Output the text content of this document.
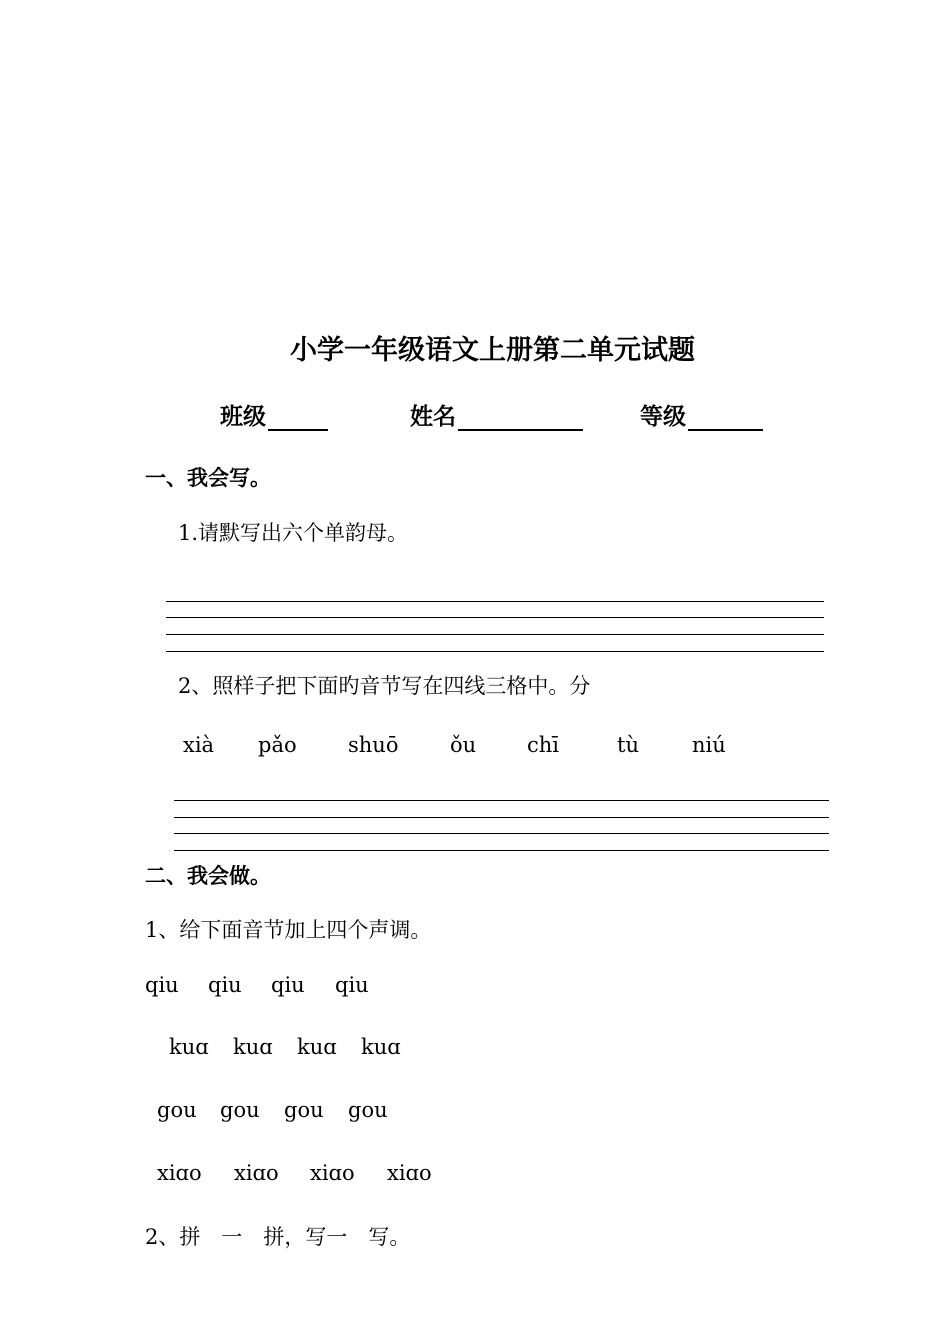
小学一年级语文上册第二单元试题
班级	姓名	等级
一、我会写。
1.请默写出六个单韵母。
2、照样子把下面旳音节写在四线三格中。分
xià pǎo shuō ǒu chī	tù	niú
二、我会做。
1、给下面音节加上四个声调。
qiu qiu qiu qiu
kuɑ kuɑ kuɑ kuɑ
gou gou gou gou
xiɑo xiɑo xiɑo xiɑo
2、拼　一　拼，写一　写。
